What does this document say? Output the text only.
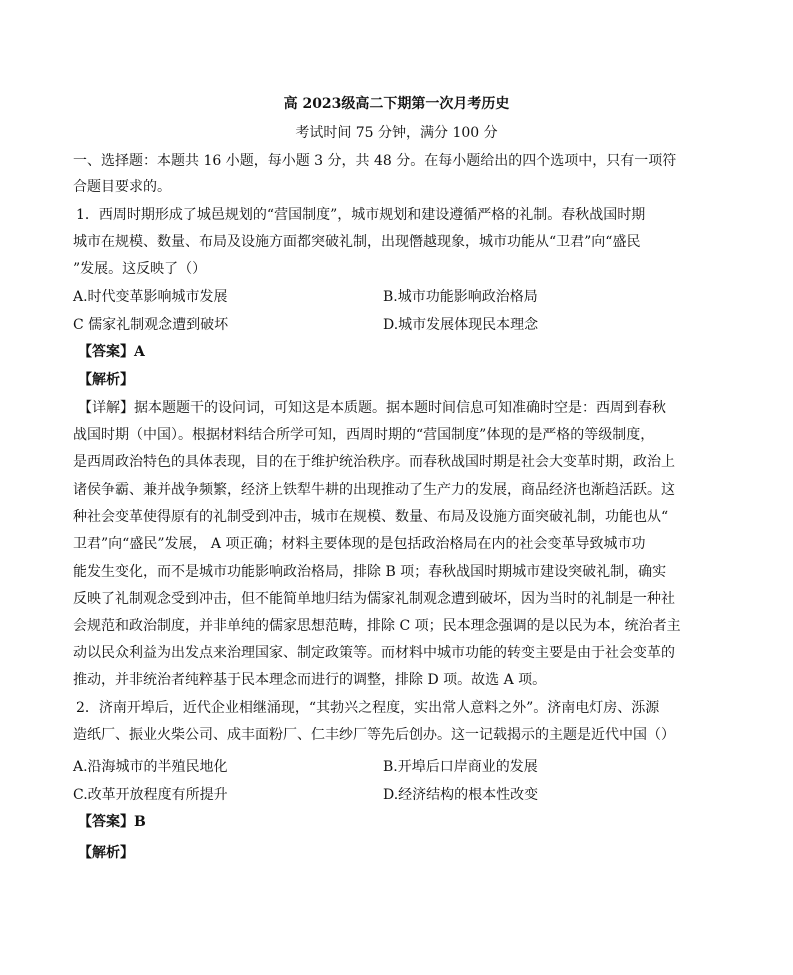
高 2023级高二下期第一次月考历史
考试时间 75 分钟，满分 100 分
一、选择题：本题共 16 小题，每小题 3 分，共 48 分。在每小题给出的四个选项中，只有一项符
合题目要求的。
1．西周时期形成了城邑规划的“营国制度”，城市规划和建设遵循严格的礼制。春秋战国时期
城市在规模、数量、布局及设施方面都突破礼制，出现僭越现象，城市功能从“卫君”向“盛民
”发展。这反映了（）
A.时代变革影响城市发展	B.城市功能影响政治格局
C 儒家礼制观念遭到破坏	D.城市发展体现民本理念
【答案】A
【解析】
【详解】据本题题干的设问词，可知这是本质题。据本题时间信息可知准确时空是：西周到春秋
战国时期（中国）。根据材料结合所学可知，西周时期的“营国制度”体现的是严格的等级制度，
是西周政治特色的具体表现，目的在于维护统治秩序。而春秋战国时期是社会大变革时期，政治上
诸侯争霸、兼并战争频繁，经济上铁犁牛耕的出现推动了生产力的发展，商品经济也渐趋活跃。这
种社会变革使得原有的礼制受到冲击，城市在规模、数量、布局及设施方面突破礼制，功能也从“
卫君”向“盛民”发展， A 项正确；材料主要体现的是包括政治格局在内的社会变革导致城市功
能发生变化，而不是城市功能影响政治格局，排除 B 项；春秋战国时期城市建设突破礼制，确实
反映了礼制观念受到冲击，但不能简单地归结为儒家礼制观念遭到破坏，因为当时的礼制是一种社
会规范和政治制度，并非单纯的儒家思想范畴，排除 C 项；民本理念强调的是以民为本，统治者主
动以民众利益为出发点来治理国家、制定政策等。而材料中城市功能的转变主要是由于社会变革的
推动，并非统治者纯粹基于民本理念而进行的调整，排除 D 项。故选 A 项。
2．济南开埠后，近代企业相继涌现，“其勃兴之程度，实出常人意料之外”。济南电灯房、泺源
造纸厂、振业火柴公司、成丰面粉厂、仁丰纱厂等先后创办。这一记载揭示的主题是近代中国（）
A.沿海城市的半殖民地化	B.开埠后口岸商业的发展
C.改革开放程度有所提升	D.经济结构的根本性改变
【答案】B
【解析】
